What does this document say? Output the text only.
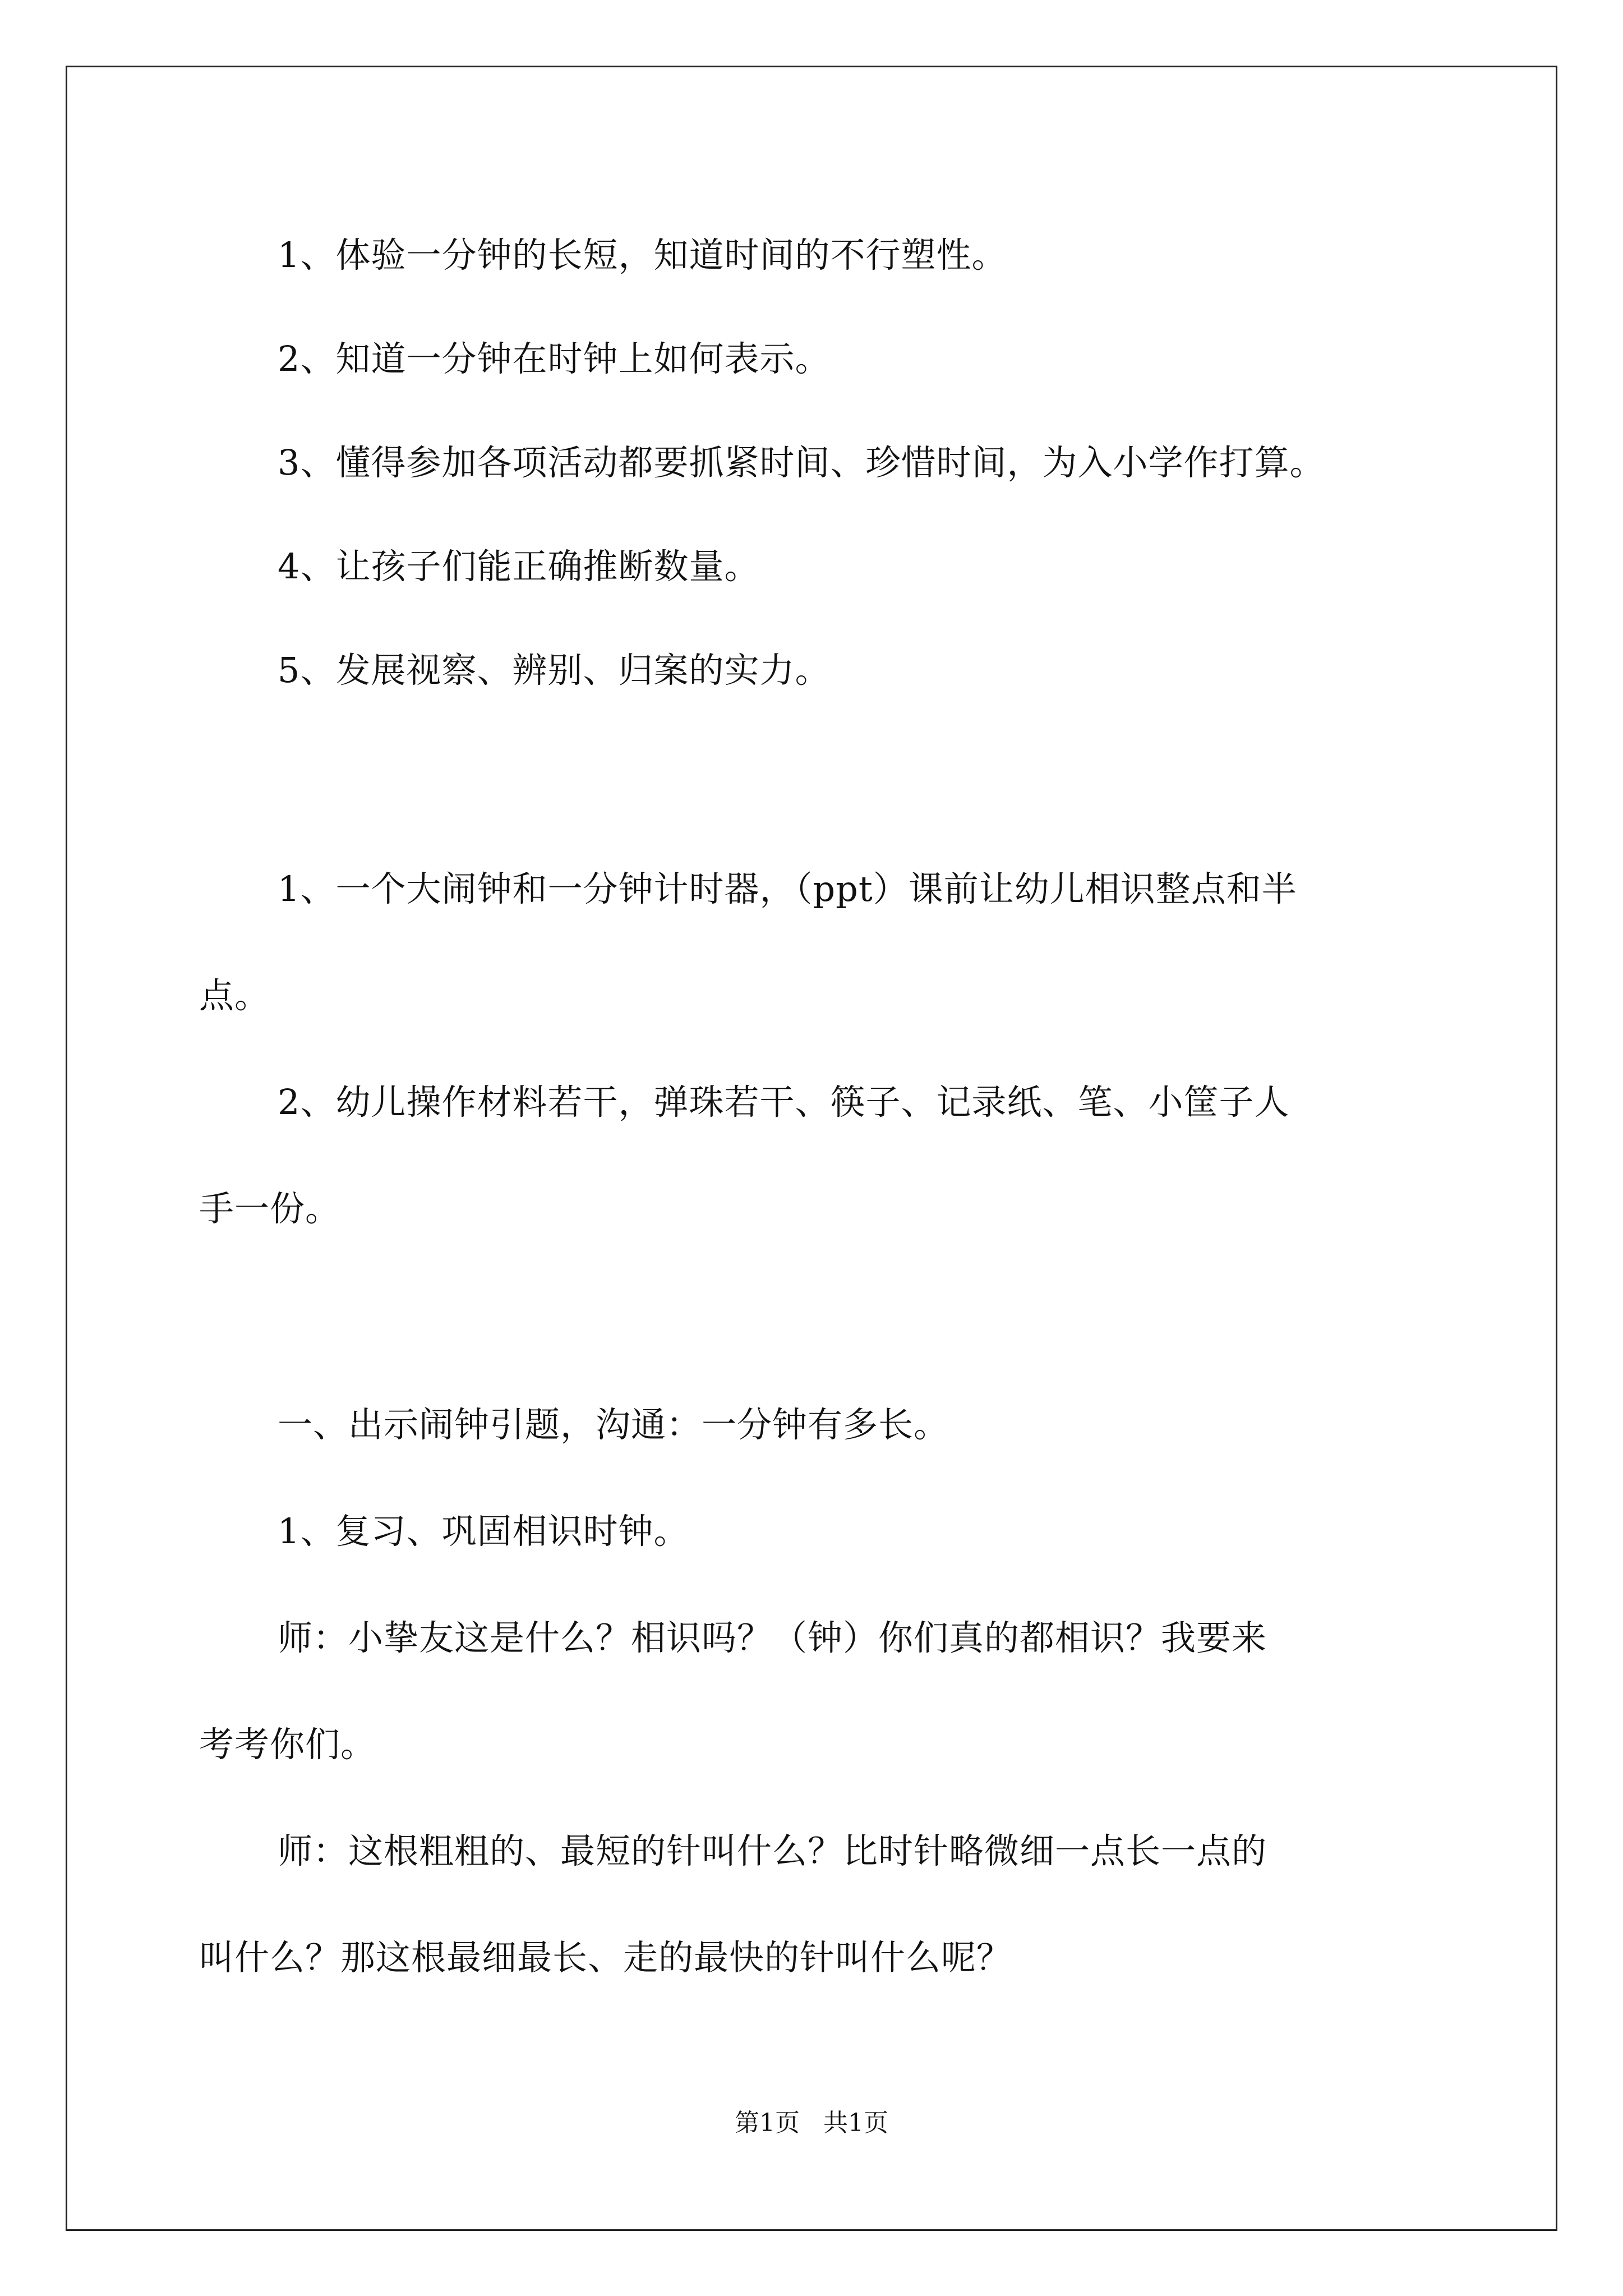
1、体验一分钟的长短，知道时间的不行塑性。
2、知道一分钟在时钟上如何表示。
3、懂得参加各项活动都要抓紧时间、珍惜时间，为入小学作打算。
4、让孩子们能正确推断数量。
5、发展视察、辨别、归案的实力。
1、一个大闹钟和一分钟计时器，（ppt）课前让幼儿相识整点和半
点。
2、幼儿操作材料若干，弹珠若干、筷子、记录纸、笔、小筐子人
手一份。
一、出示闹钟引题，沟通：一分钟有多长。
1、复习、巩固相识时钟。
师：小挚友这是什么？相识吗？（钟）你们真的都相识？我要来
考考你们。
师：这根粗粗的、最短的针叫什么？比时针略微细一点长一点的
叫什么？那这根最细最长、走的最快的针叫什么呢？
第1页   共1页
